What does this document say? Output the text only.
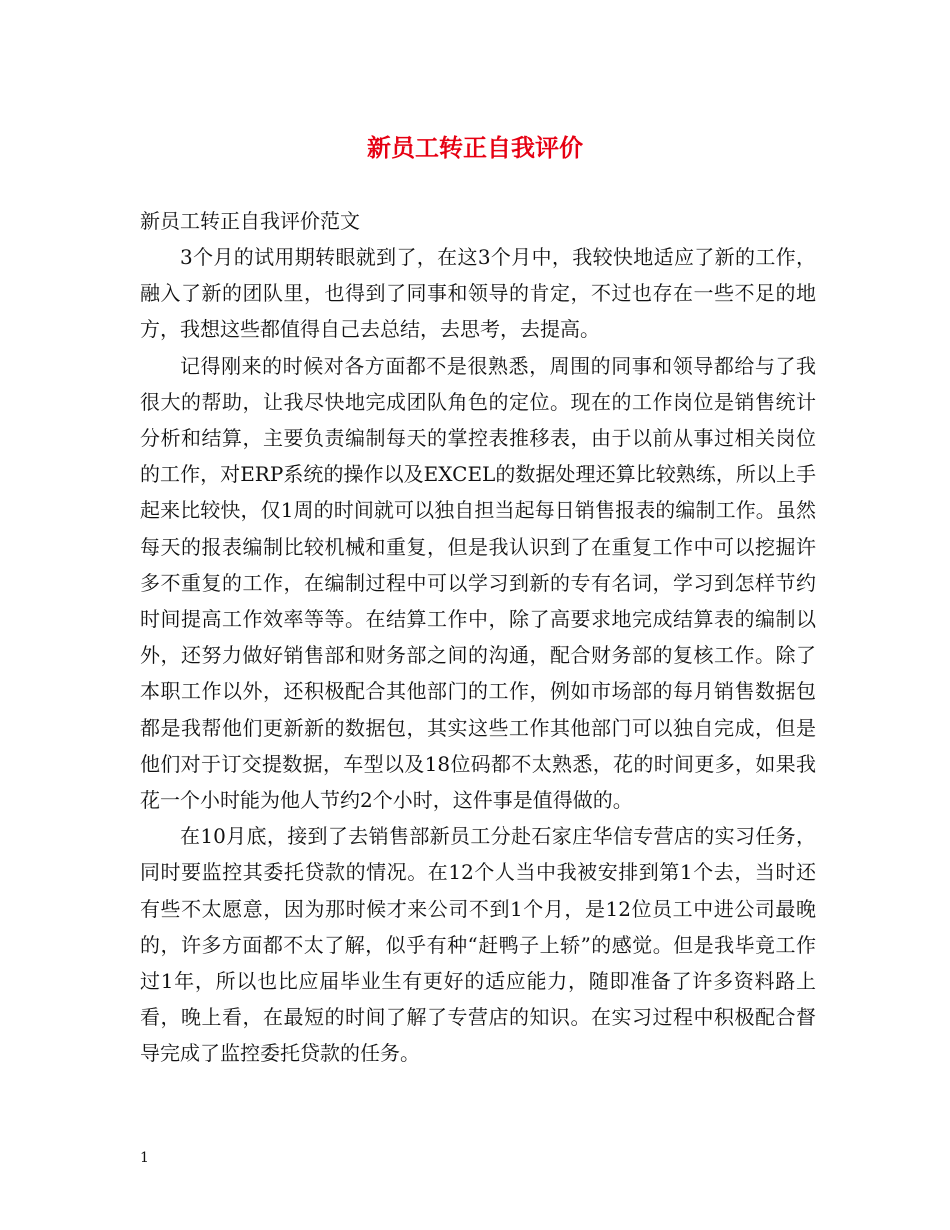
新员工转正自我评价
新员工转正自我评价范文

3个月的试用期转眼就到了，在这3个月中，我较快地适应了新的工作，融入了新的团队里，也得到了同事和领导的肯定，不过也存在一些不足的地方，我想这些都值得自己去总结，去思考，去提高。

记得刚来的时候对各方面都不是很熟悉，周围的同事和领导都给与了我很大的帮助，让我尽快地完成团队角色的定位。现在的工作岗位是销售统计分析和结算，主要负责编制每天的掌控表推移表，由于以前从事过相关岗位的工作，对ERP系统的操作以及EXCEL的数据处理还算比较熟练，所以上手起来比较快，仅1周的时间就可以独自担当起每日销售报表的编制工作。虽然每天的报表编制比较机械和重复，但是我认识到了在重复工作中可以挖掘许多不重复的工作，在编制过程中可以学习到新的专有名词，学习到怎样节约时间提高工作效率等等。在结算工作中，除了高要求地完成结算表的编制以外，还努力做好销售部和财务部之间的沟通，配合财务部的复核工作。除了本职工作以外，还积极配合其他部门的工作，例如市场部的每月销售数据包都是我帮他们更新新的数据包，其实这些工作其他部门可以独自完成，但是他们对于订交提数据，车型以及18位码都不太熟悉，花的时间更多，如果我花一个小时能为他人节约2个小时，这件事是值得做的。

在10月底，接到了去销售部新员工分赴石家庄华信专营店的实习任务，同时要监控其委托贷款的情况。在12个人当中我被安排到第1个去，当时还有些不太愿意，因为那时候才来公司不到1个月，是12位员工中进公司最晚的，许多方面都不太了解，似乎有种“赶鸭子上轿”的感觉。但是我毕竟工作过1年，所以也比应届毕业生有更好的适应能力，随即准备了许多资料路上看，晚上看，在最短的时间了解了专营店的知识。在实习过程中积极配合督导完成了监控委托贷款的任务。

1
